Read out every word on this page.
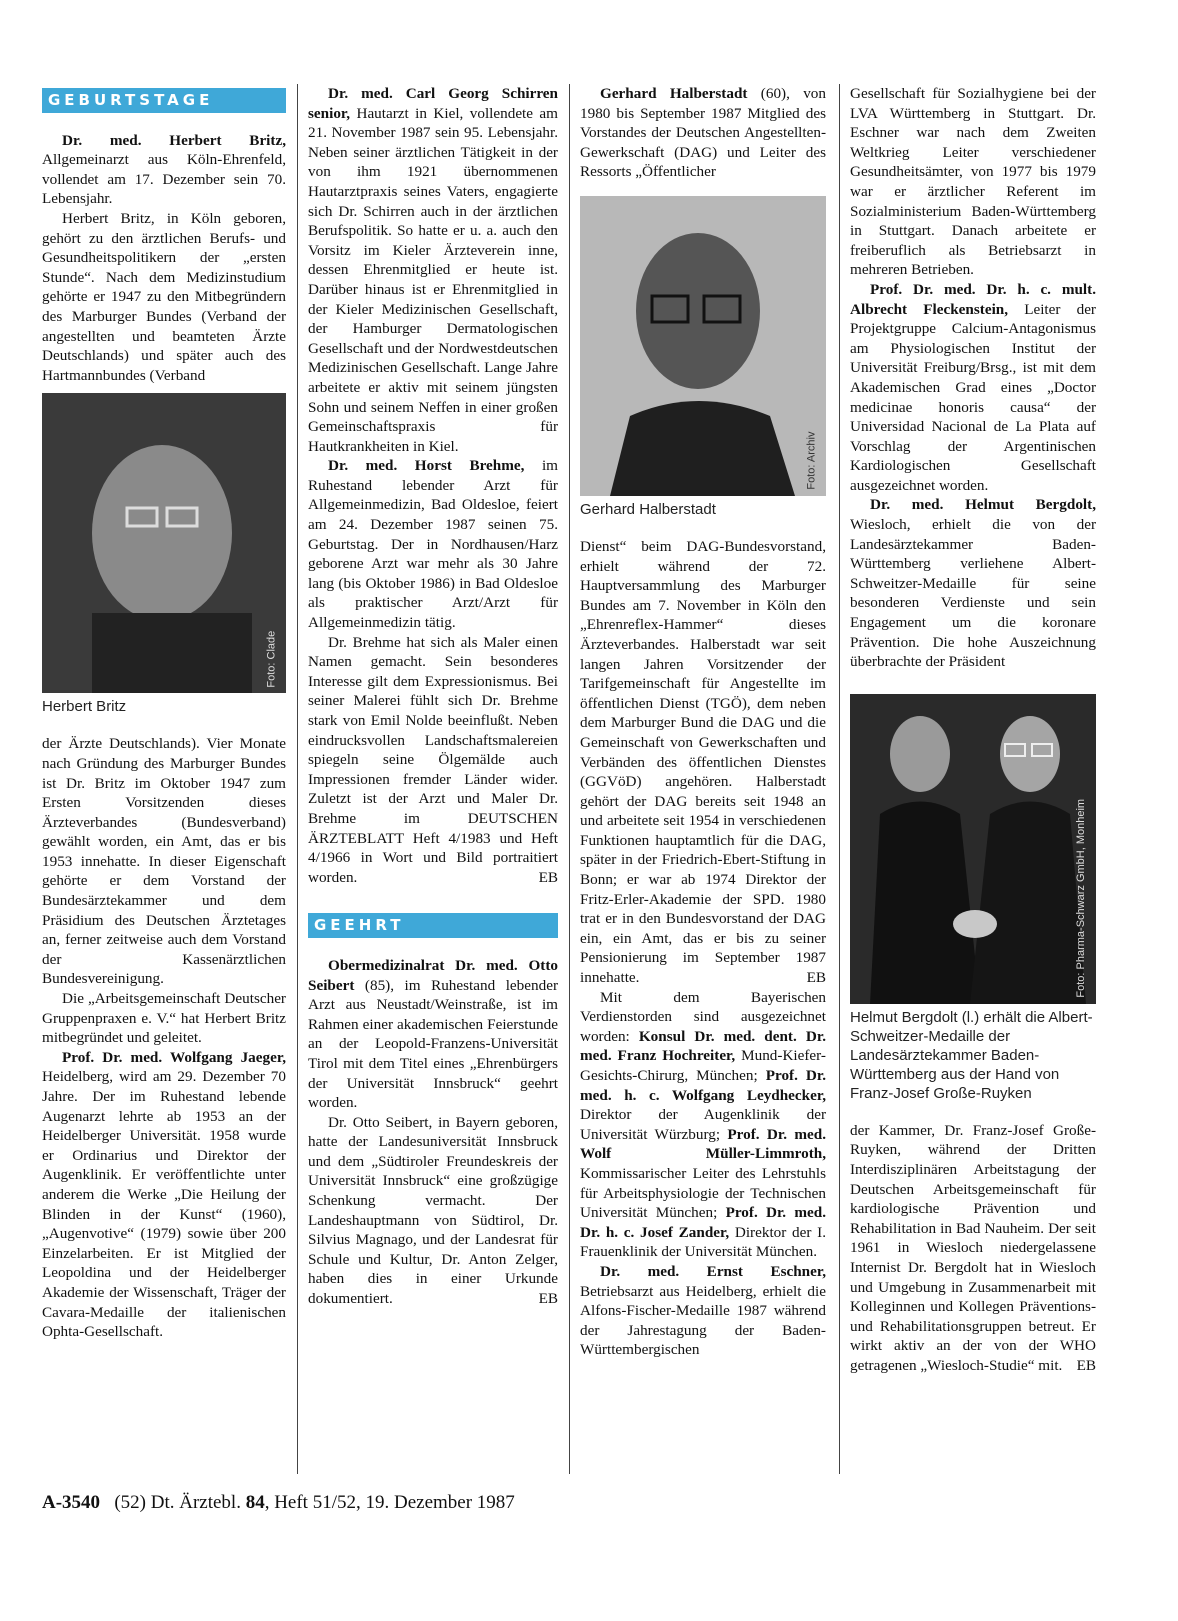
GEBURTSTAGE

Dr. med. Herbert Britz, Allgemeinarzt aus Köln-Ehrenfeld, vollendet am 17. Dezember sein 70. Lebensjahr.

Herbert Britz, in Köln geboren, gehört zu den ärztlichen Berufs- und Gesundheitspolitikern der „ersten Stunde“. Nach dem Medizinstudium gehörte er 1947 zu den Mitbegründern des Marburger Bundes (Verband der angestellten und beamteten Ärzte Deutschlands) und später auch des Hartmannbundes (Verband

Foto: Clade
Herbert Britz

der Ärzte Deutschlands). Vier Monate nach Gründung des Marburger Bundes ist Dr. Britz im Oktober 1947 zum Ersten Vorsitzenden dieses Ärzteverbandes (Bundesverband) gewählt worden, ein Amt, das er bis 1953 innehatte. In dieser Eigenschaft gehörte er dem Vorstand der Bundesärztekammer und dem Präsidium des Deutschen Ärztetages an, ferner zeitweise auch dem Vorstand der Kassenärztlichen Bundesvereinigung.

Die „Arbeitsgemeinschaft Deutscher Gruppenpraxen e. V.“ hat Herbert Britz mitbegründet und geleitet.

Prof. Dr. med. Wolfgang Jaeger, Heidelberg, wird am 29. Dezember 70 Jahre. Der im Ruhestand lebende Augenarzt lehrte ab 1953 an der Heidelberger Universität. 1958 wurde er Ordinarius und Direktor der Augenklinik. Er veröffentlichte unter anderem die Werke „Die Heilung der Blinden in der Kunst“ (1960), „Augenvotive“ (1979) sowie über 200 Einzelarbeiten. Er ist Mitglied der Leopoldina und der Heidelberger Akademie der Wissenschaft, Träger der Cavara-Medaille der italienischen Ophta-Gesellschaft.

Dr. med. Carl Georg Schirren senior, Hautarzt in Kiel, vollendete am 21. November 1987 sein 95. Lebensjahr. Neben seiner ärztlichen Tätigkeit in der von ihm 1921 übernommenen Hautarztpraxis seines Vaters, engagierte sich Dr. Schirren auch in der ärztlichen Berufspolitik. So hatte er u. a. auch den Vorsitz im Kieler Ärzteverein inne, dessen Ehrenmitglied er heute ist. Darüber hinaus ist er Ehrenmitglied in der Kieler Medizinischen Gesellschaft, der Hamburger Dermatologischen Gesellschaft und der Nordwestdeutschen Medizinischen Gesellschaft. Lange Jahre arbeitete er aktiv mit seinem jüngsten Sohn und seinem Neffen in einer großen Gemeinschaftspraxis für Hautkrankheiten in Kiel.

Dr. med. Horst Brehme, im Ruhestand lebender Arzt für Allgemeinmedizin, Bad Oldesloe, feiert am 24. Dezember 1987 seinen 75. Geburtstag. Der in Nordhausen/Harz geborene Arzt war mehr als 30 Jahre lang (bis Oktober 1986) in Bad Oldesloe als praktischer Arzt/Arzt für Allgemeinmedizin tätig.

Dr. Brehme hat sich als Maler einen Namen gemacht. Sein besonderes Interesse gilt dem Expressionismus. Bei seiner Malerei fühlt sich Dr. Brehme stark von Emil Nolde beeinflußt. Neben eindrucksvollen Landschaftsmalereien spiegeln seine Ölgemälde auch Impressionen fremder Länder wider. Zuletzt ist der Arzt und Maler Dr. Brehme im DEUTSCHEN ÄRZTEBLATT Heft 4/1983 und Heft 4/1966 in Wort und Bild portraitiert worden.	EB

GEEHRT

Obermedizinalrat Dr. med. Otto Seibert (85), im Ruhestand lebender Arzt aus Neustadt/Weinstraße, ist im Rahmen einer akademischen Feierstunde an der Leopold-Franzens-Universität Tirol mit dem Titel eines „Ehrenbürgers der Universität Innsbruck“ geehrt worden.

Dr. Otto Seibert, in Bayern geboren, hatte der Landesuniversität Innsbruck und dem „Südtiroler Freundeskreis der Universität Innsbruck“ eine großzügige Schenkung vermacht. Der Landeshauptmann von Südtirol, Dr. Silvius Magnago, und der Landesrat für Schule und Kultur, Dr. Anton Zelger, haben dies in einer Urkunde dokumentiert.	EB

Gerhard Halberstadt (60), von 1980 bis September 1987 Mitglied des Vorstandes der Deutschen Angestellten-Gewerkschaft (DAG) und Leiter des Ressorts „Öffentlicher

Foto: Archiv
Gerhard Halberstadt

Dienst“ beim DAG-Bundesvorstand, erhielt während der 72. Hauptversammlung des Marburger Bundes am 7. November in Köln den „Ehrenreflex-Hammer“ dieses Ärzteverbandes. Halberstadt war seit langen Jahren Vorsitzender der Tarifgemeinschaft für Angestellte im öffentlichen Dienst (TGÖ), dem neben dem Marburger Bund die DAG und die Gemeinschaft von Gewerkschaften und Verbänden des öffentlichen Dienstes (GGVöD) angehören. Halberstadt gehört der DAG bereits seit 1948 an und arbeitete seit 1954 in verschiedenen Funktionen hauptamtlich für die DAG, später in der Friedrich-Ebert-Stiftung in Bonn; er war ab 1974 Direktor der Fritz-Erler-Akademie der SPD. 1980 trat er in den Bundesvorstand der DAG ein, ein Amt, das er bis zu seiner Pensionierung im September 1987 innehatte.	EB

Mit dem Bayerischen Verdienstorden sind ausgezeichnet worden: Konsul Dr. med. dent. Dr. med. Franz Hochreiter, Mund-Kiefer-Gesichts-Chirurg, München; Prof. Dr. med. h. c. Wolfgang Leydhecker, Direktor der Augenklinik der Universität Würzburg; Prof. Dr. med. Wolf Müller-Limmroth, Kommissarischer Leiter des Lehrstuhls für Arbeitsphysiologie der Technischen Universität München; Prof. Dr. med. Dr. h. c. Josef Zander, Direktor der I. Frauenklinik der Universität München.

Dr. med. Ernst Eschner, Betriebsarzt aus Heidelberg, erhielt die Alfons-Fischer-Medaille 1987 während der Jahrestagung der Baden-Württembergischen

Gesellschaft für Sozialhygiene bei der LVA Württemberg in Stuttgart. Dr. Eschner war nach dem Zweiten Weltkrieg Leiter verschiedener Gesundheitsämter, von 1977 bis 1979 war er ärztlicher Referent im Sozialministerium Baden-Württemberg in Stuttgart. Danach arbeitete er freiberuflich als Betriebsarzt in mehreren Betrieben.

Prof. Dr. med. Dr. h. c. mult. Albrecht Fleckenstein, Leiter der Projektgruppe Calcium-Antagonismus am Physiologischen Institut der Universität Freiburg/Brsg., ist mit dem Akademischen Grad eines „Doctor medicinae honoris causa“ der Universidad Nacional de La Plata auf Vorschlag der Argentinischen Kardiologischen Gesellschaft ausgezeichnet worden.

Dr. med. Helmut Bergdolt, Wiesloch, erhielt die von der Landesärztekammer Baden-Württemberg verliehene Albert-Schweitzer-Medaille für seine besonderen Verdienste und sein Engagement um die koronare Prävention. Die hohe Auszeichnung überbrachte der Präsident

Foto: Pharma-Schwarz GmbH, Monheim
Helmut Bergdolt (l.) erhält die Albert-Schweitzer-Medaille der Landesärztekammer Baden-Württemberg aus der Hand von Franz-Josef Große-Ruyken

der Kammer, Dr. Franz-Josef Große-Ruyken, während der Dritten Interdisziplinären Arbeitstagung der Deutschen Arbeitsgemeinschaft für kardiologische Prävention und Rehabilitation in Bad Nauheim. Der seit 1961 in Wiesloch niedergelassene Internist Dr. Bergdolt hat in Wiesloch und Umgebung in Zusammenarbeit mit Kolleginnen und Kollegen Präventions- und Rehabilitationsgruppen betreut. Er wirkt aktiv an der von der WHO getragenen „Wiesloch-Studie“ mit. EB

A-3540 (52) Dt. Ärztebl. 84, Heft 51/52, 19. Dezember 1987
